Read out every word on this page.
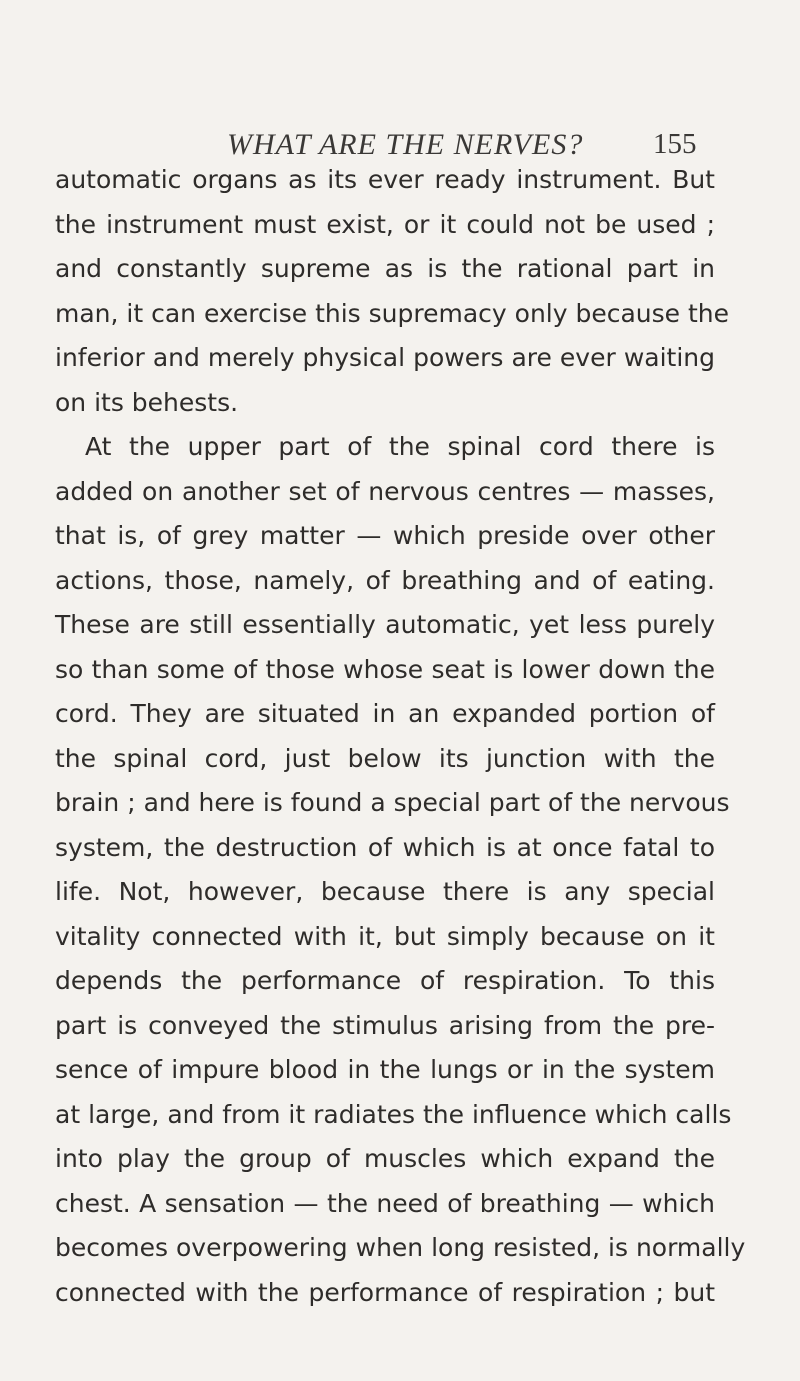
WHAT ARE THE NERVES? 155
automatic organs as its ever ready instrument. But
the instrument must exist, or it could not be used ;
and constantly supreme as is the rational part in
man, it can exercise this supremacy only because the
inferior and merely physical powers are ever waiting
on its behests.
At the upper part of the spinal cord there is
added on another set of nervous centres — masses,
that is, of grey matter — which preside over other
actions, those, namely, of breathing and of eating.
These are still essentially automatic, yet less purely
so than some of those whose seat is lower down the
cord. They are situated in an expanded portion of
the spinal cord, just below its junction with the
brain ; and here is found a special part of the nervous
system, the destruction of which is at once fatal to
life. Not, however, because there is any special
vitality connected with it, but simply because on it
depends the performance of respiration. To this
part is conveyed the stimulus arising from the pre-
sence of impure blood in the lungs or in the system
at large, and from it radiates the influence which calls
into play the group of muscles which expand the
chest. A sensation — the need of breathing — which
becomes overpowering when long resisted, is normally
connected with the performance of respiration ; but
